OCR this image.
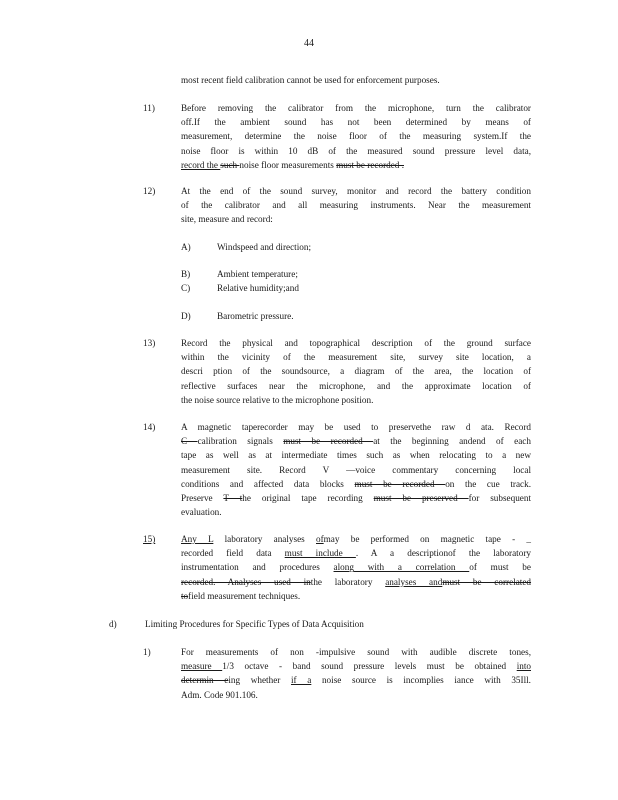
44
most recent field calibration cannot be used for enforcement purposes.
11)	Before removing the calibrator from the microphone, turn the calibrator
off.If the ambient sound has not been determined by means of
measurement, determine the noise floor of the measuring system.If the
noise floor is within 10 dB of the measured sound pressure level data,
record the such noise floor measurements must be recorded .
12)	At the end of the sound survey, monitor and record the battery condition
of the calibrator and all measuring instruments. Near the measurement
site, measure and record:
A)	Windspeed and direction;
B)	Ambient temperature;
C)	Relative humidity;and
D)	Barometric pressure.
13)	Record the physical and topographical description of the ground surface
within the vicinity of the measurement site, survey site location, a
descri ption of the soundsource, a diagram of the area, the location of
reflective surfaces near the microphone, and the approximate location of
the noise source relative to the microphone position.
14)	A magnetic taperecorder may be used to preservethe raw d ata. Record
C calibration signals must be recorded at the beginning andend of each
tape as well as at intermediate times such as when relocating to a new
measurement site. Record V —voice commentary concerning local
conditions and affected data blocks must be recorded on the cue track.
Preserve T the original tape recording must be preserved for subsequent
evaluation.
15)	Any L laboratory analyses ofmay be performed on magnetic tape - _
recorded field data must include . A a descriptionof the laboratory
instrumentation and procedures along with a correlation of must be
recorded. Analyses used inthe laboratory analyses andmust be correlated
tofield measurement techniques.
d)	Limiting Procedures for Specific Types of Data Acquisition
1)	For measurements of non -impulsive sound with audible discrete tones,
measure 1/3 octave - band sound pressure levels must be obtained into
determin eing whether if a noise source is incomplies iance with 35Ill.
Adm. Code 901.106.
